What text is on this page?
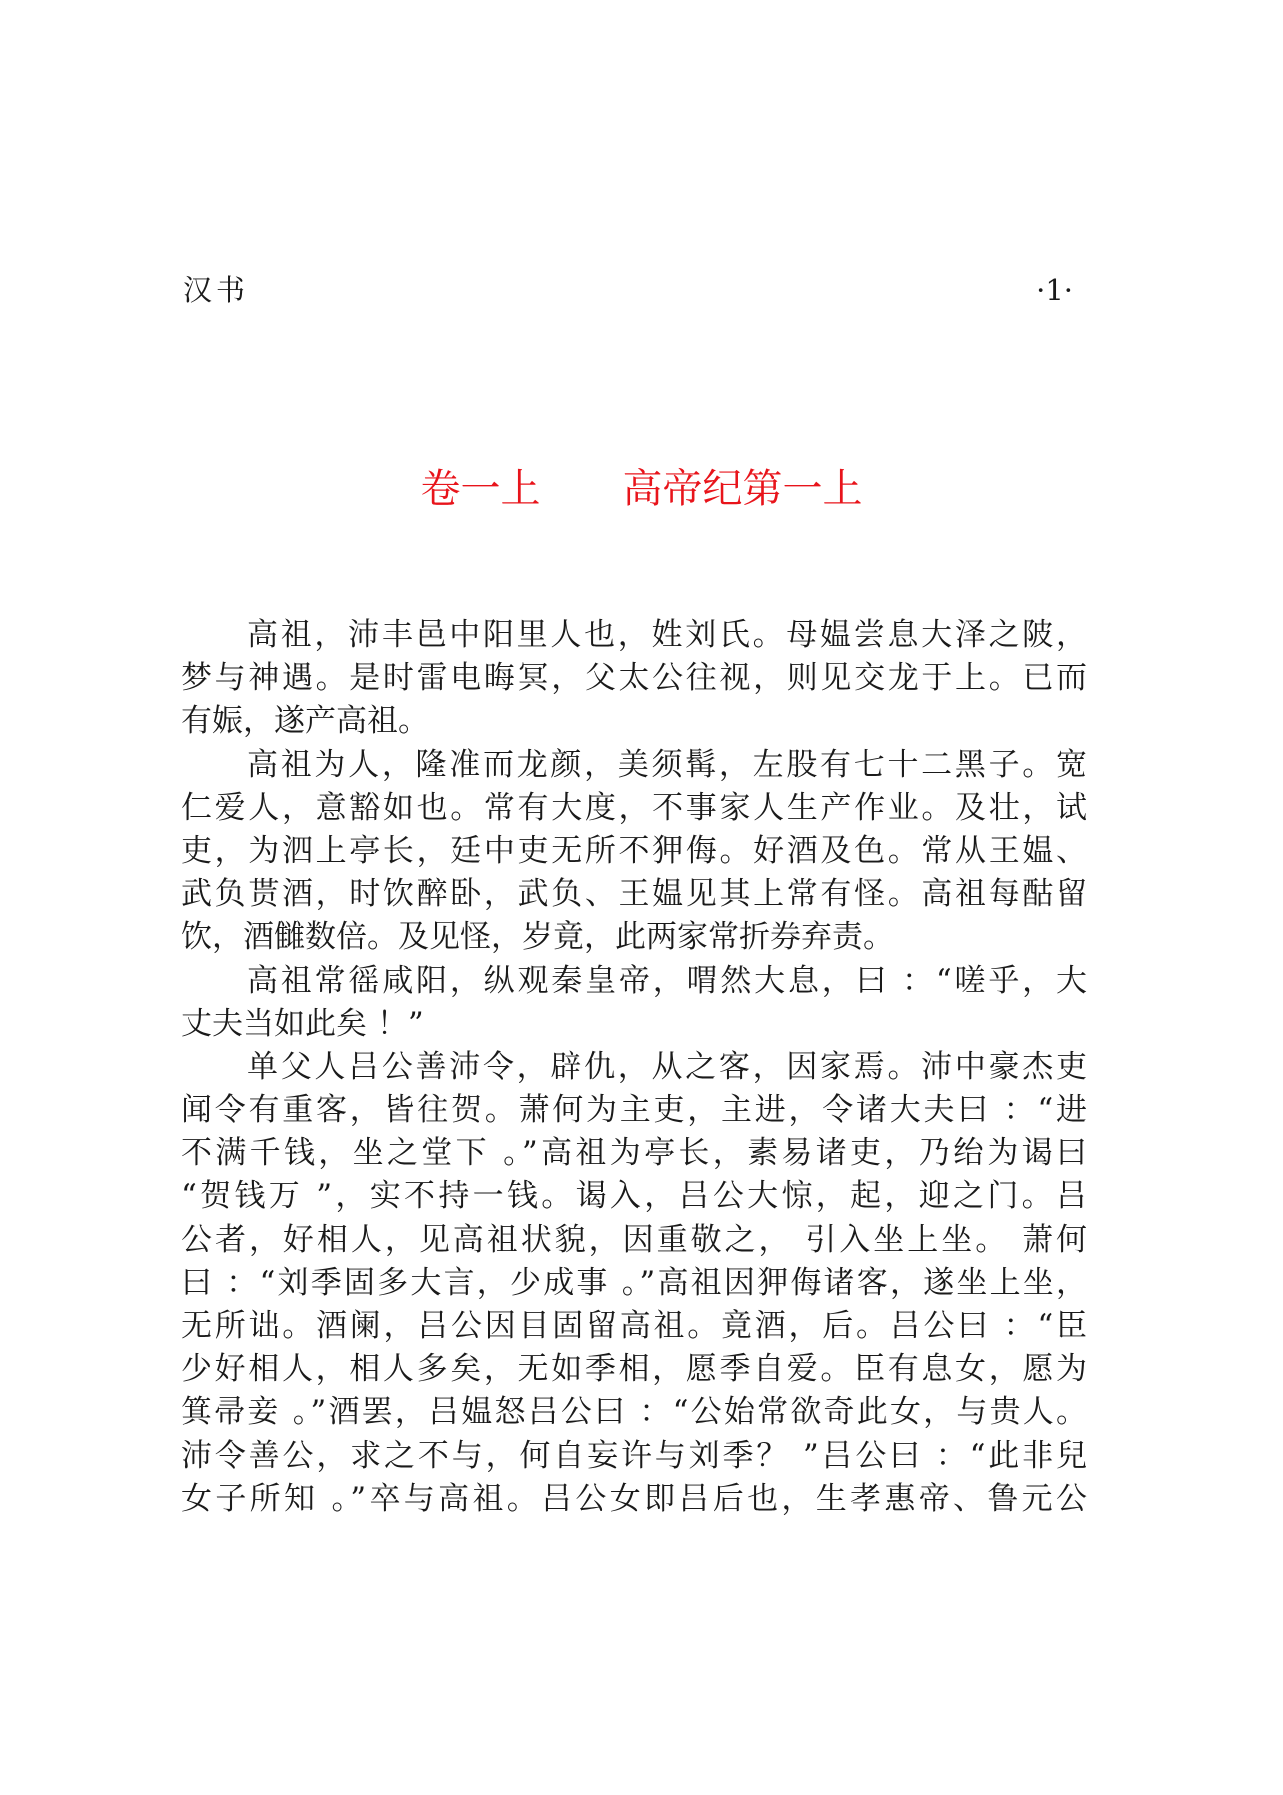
汉书	·1·
卷一上 高帝纪第一上
高祖，沛丰邑中阳里人也，姓刘氏。母媪尝息大泽之陂，
梦与神遇。是时雷电晦冥，父太公往视，则见交龙于上。已而
有娠，遂产高祖。
高祖为人，隆准而龙颜，美须髯，左股有七十二黑子。宽
仁爱人，意豁如也。常有大度，不事家人生产作业。及壮，试
吏，为泗上亭长，廷中吏无所不狎侮。好酒及色。常从王媪、
武负贳酒，时饮醉卧，武负、王媪见其上常有怪。高祖每酤留
饮，酒雠数倍。及见怪，岁竟，此两家常折券弃责。
高祖常徭咸阳，纵观秦皇帝，喟然大息，曰 ：“嗟乎，大
丈夫当如此矣 ！”
单父人吕公善沛令，辟仇，从之客，因家焉。沛中豪杰吏
闻令有重客，皆往贺。萧何为主吏，主进，令诸大夫曰 ：“进
不满千钱，坐之堂下 。”高祖为亭长，素易诸吏，乃绐为谒曰
“贺钱万 ”，实不持一钱。谒入，吕公大惊，起，迎之门。吕
公者，好相人，见高祖状貌，因重敬之， 引入坐上坐。 萧何
曰 ：“刘季固多大言，少成事 。”高祖因狎侮诸客，遂坐上坐，
无所诎。酒阑，吕公因目固留高祖。竟酒，后。吕公曰 ：“臣
少好相人，相人多矣，无如季相，愿季自爱。臣有息女，愿为
箕帚妾 。”酒罢，吕媪怒吕公曰 ：“公始常欲奇此女，与贵人。
沛令善公，求之不与，何自妄许与刘季？ ”吕公曰 ：“此非兒
女子所知 。”卒与高祖。吕公女即吕后也，生孝惠帝、鲁元公
